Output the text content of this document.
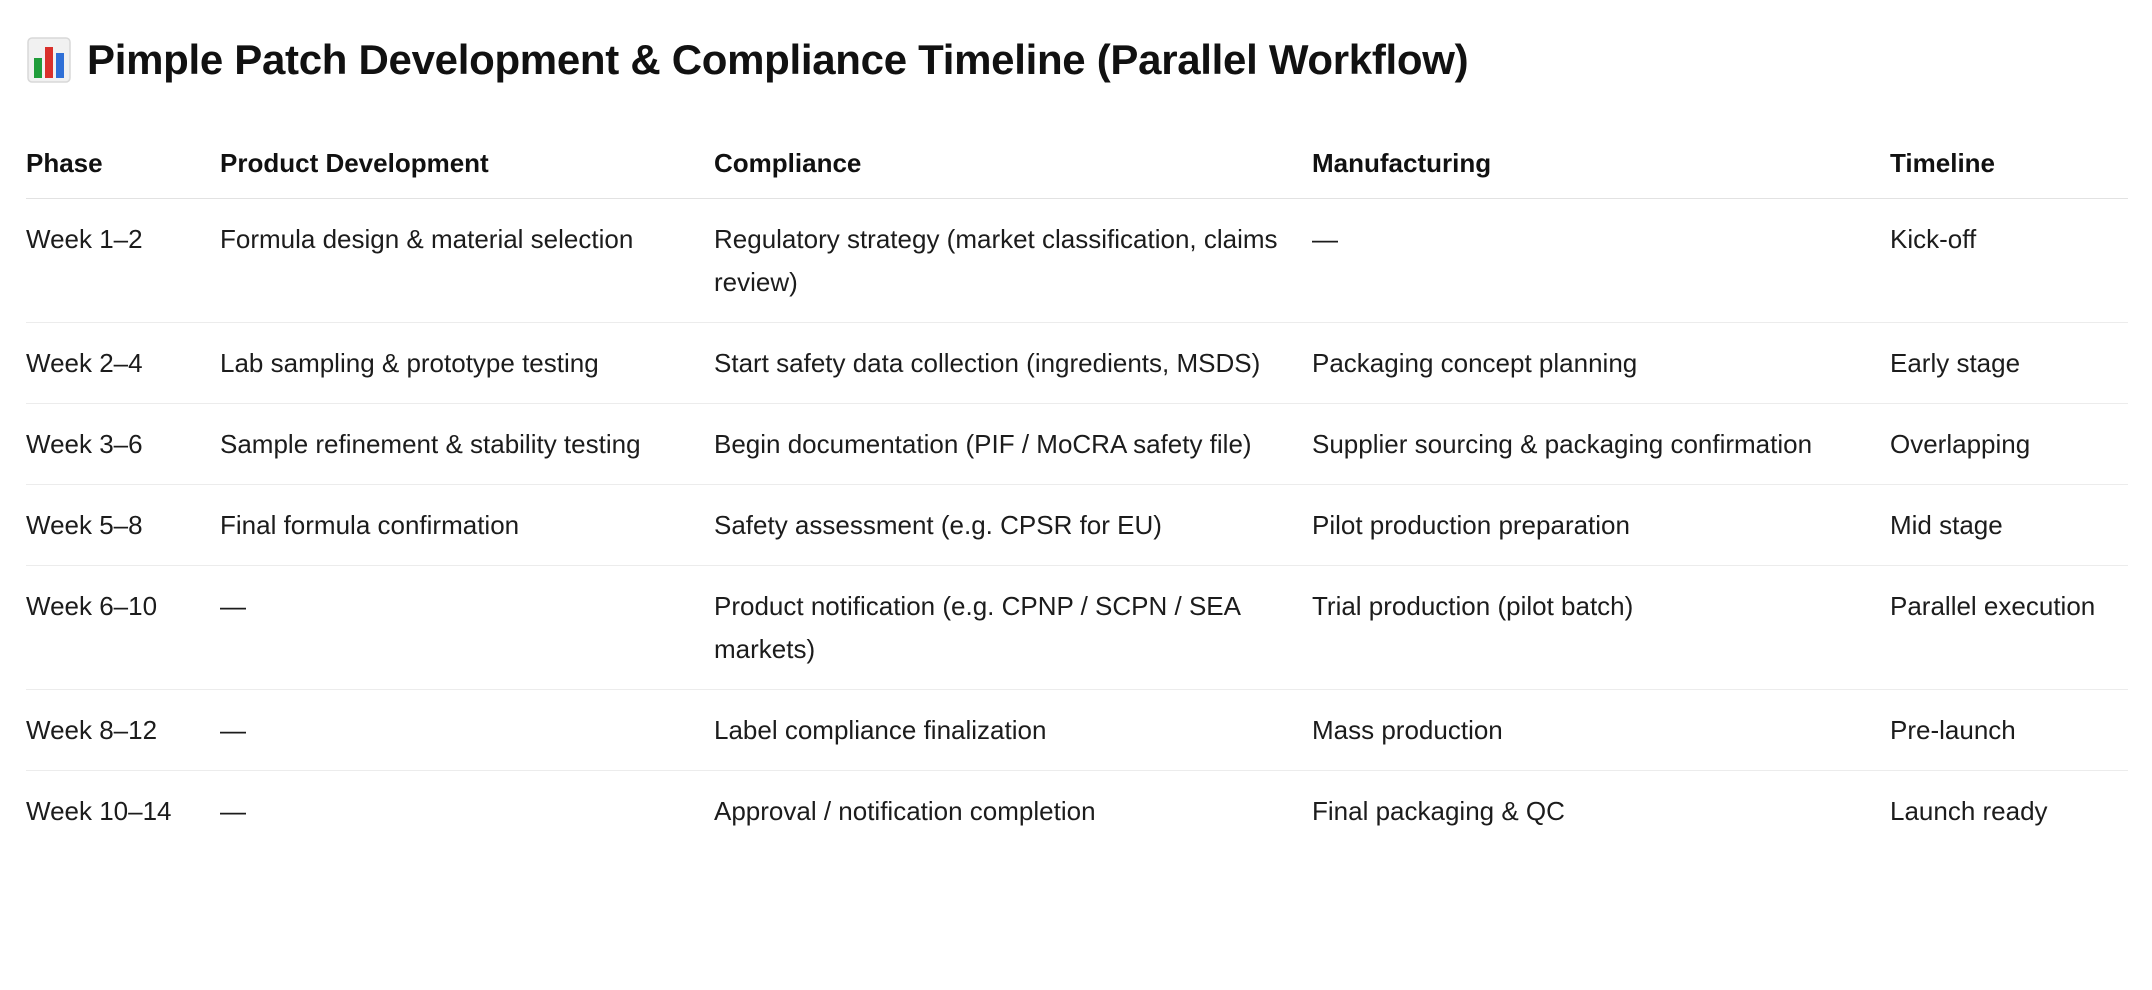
Pimple Patch Development & Compliance Timeline (Parallel Workflow)
Phase	Product Development	Compliance	Manufacturing	Timeline
Week 1–2	Formula design & material selection	Regulatory strategy (market classification, claims review)	—	Kick-off
Week 2–4	Lab sampling & prototype testing	Start safety data collection (ingredients, MSDS)	Packaging concept planning	Early stage
Week 3–6	Sample refinement & stability testing	Begin documentation (PIF / MoCRA safety file)	Supplier sourcing & packaging confirmation	Overlapping
Week 5–8	Final formula confirmation	Safety assessment (e.g. CPSR for EU)	Pilot production preparation	Mid stage
Week 6–10	—	Product notification (e.g. CPNP / SCPN / SEA markets)	Trial production (pilot batch)	Parallel execution
Week 8–12	—	Label compliance finalization	Mass production	Pre-launch
Week 10–14	—	Approval / notification completion	Final packaging & QC	Launch ready
